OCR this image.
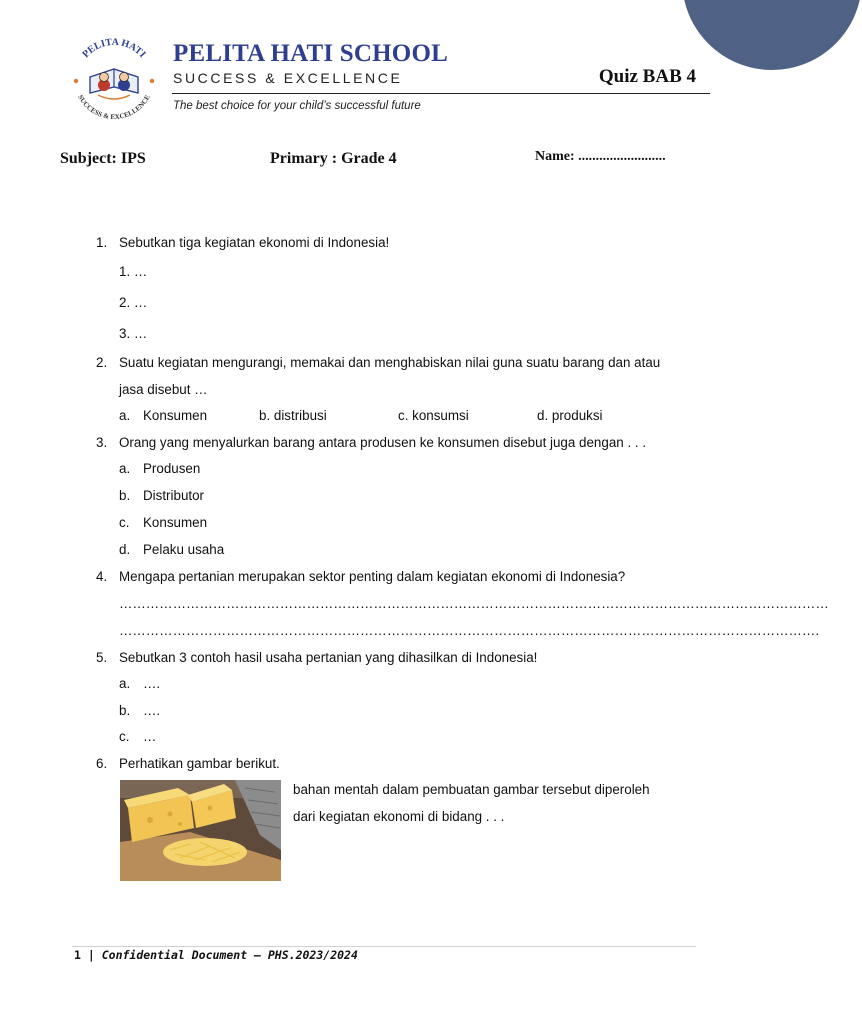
PELITA HATI
SUCCESS & EXCELLENCE
PELITA HATI SCHOOL
SUCCESS & EXCELLENCE	Quiz BAB 4
The best choice for your child’s successful future
Subject: IPS	Primary : Grade 4	Name: .........................
1. Sebutkan tiga kegiatan ekonomi di Indonesia!
1. …
2. …
3. …
2. Suatu kegiatan mengurangi, memakai dan menghabiskan nilai guna suatu barang dan atau
jasa disebut …
a. Konsumen	b. distribusi	c. konsumsi	d. produksi
3. Orang yang menyalurkan barang antara produsen ke konsumen disebut juga dengan . . .
a. Produsen
b. Distributor
c. Konsumen
d. Pelaku usaha
4. Mengapa pertanian merupakan sektor penting dalam kegiatan ekonomi di Indonesia?
……………………………………………………………………………………………………………………………………………
………………………………………………………………………………………………………………………………………….
5. Sebutkan 3 contoh hasil usaha pertanian yang dihasilkan di Indonesia!
a. ….
b. ….
c. …
6. Perhatikan gambar berikut.
bahan mentah dalam pembuatan gambar tersebut diperoleh
dari kegiatan ekonomi di bidang . . .
1 | Confidential Document – PHS.2023/2024
